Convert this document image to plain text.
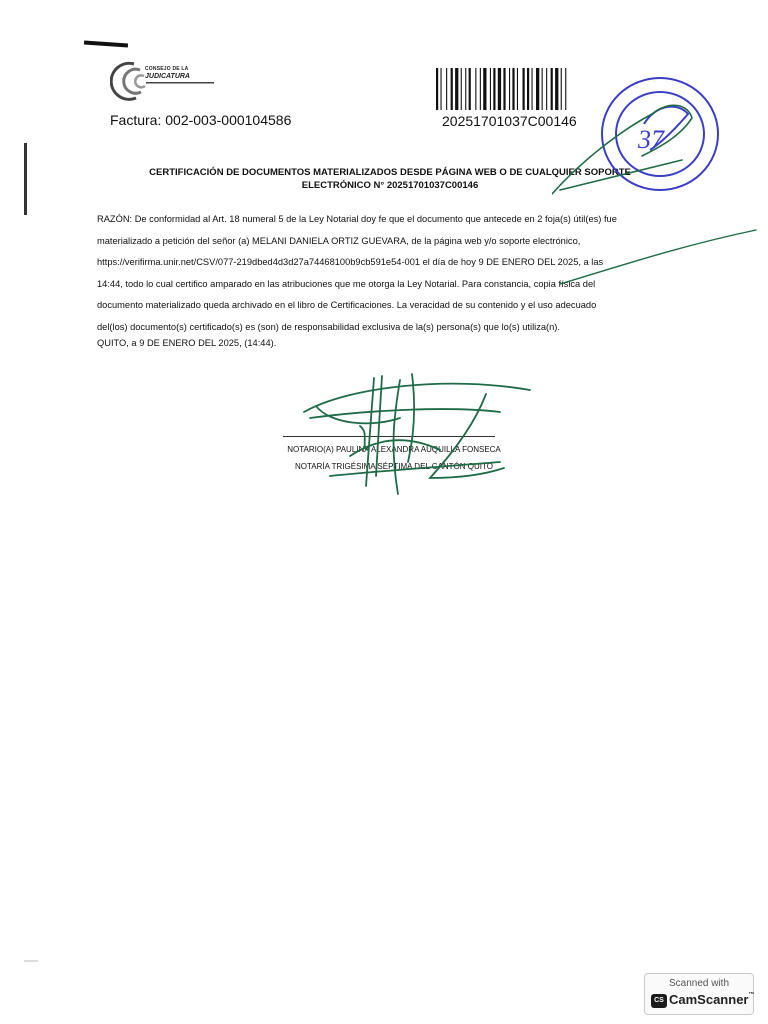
CONSEJO DE LA
JUDICATURA
Factura: 002-003-000104586	20251701037C00146
CERTIFICACIÓN DE DOCUMENTOS MATERIALIZADOS DESDE PÁGINA WEB O DE CUALQUIER SOPORTE
ELECTRÓNICO N° 20251701037C00146
RAZÓN: De conformidad al Art. 18 numeral 5 de la Ley Notarial doy fe que el documento que antecede en 2 foja(s) útil(es) fue
materializado a petición del señor (a) MELANI DANIELA ORTIZ GUEVARA, de la página web y/o soporte electrónico,
https://verifirma.unir.net/CSV/077-219dbed4d3d27a74468100b9cb591e54-001 el día de hoy 9 DE ENERO DEL 2025, a las
14:44, todo lo cual certifico amparado en las atribuciones que me otorga la Ley Notarial. Para constancia, copia física del
documento materializado queda archivado en el libro de Certificaciones. La veracidad de su contenido y el uso adecuado
del(los) documento(s) certificado(s) es (son) de responsabilidad exclusiva de la(s) persona(s) que lo(s) utiliza(n).
QUITO, a 9 DE ENERO DEL 2025, (14:44).
NOTARIO(A) PAULINA ALEXANDRA AUQUILLA FONSECA
NOTARÍA TRIGÉSIMA SÉPTIMA DEL CANTÓN QUITO
37
Scanned with
CS CamScanner™
